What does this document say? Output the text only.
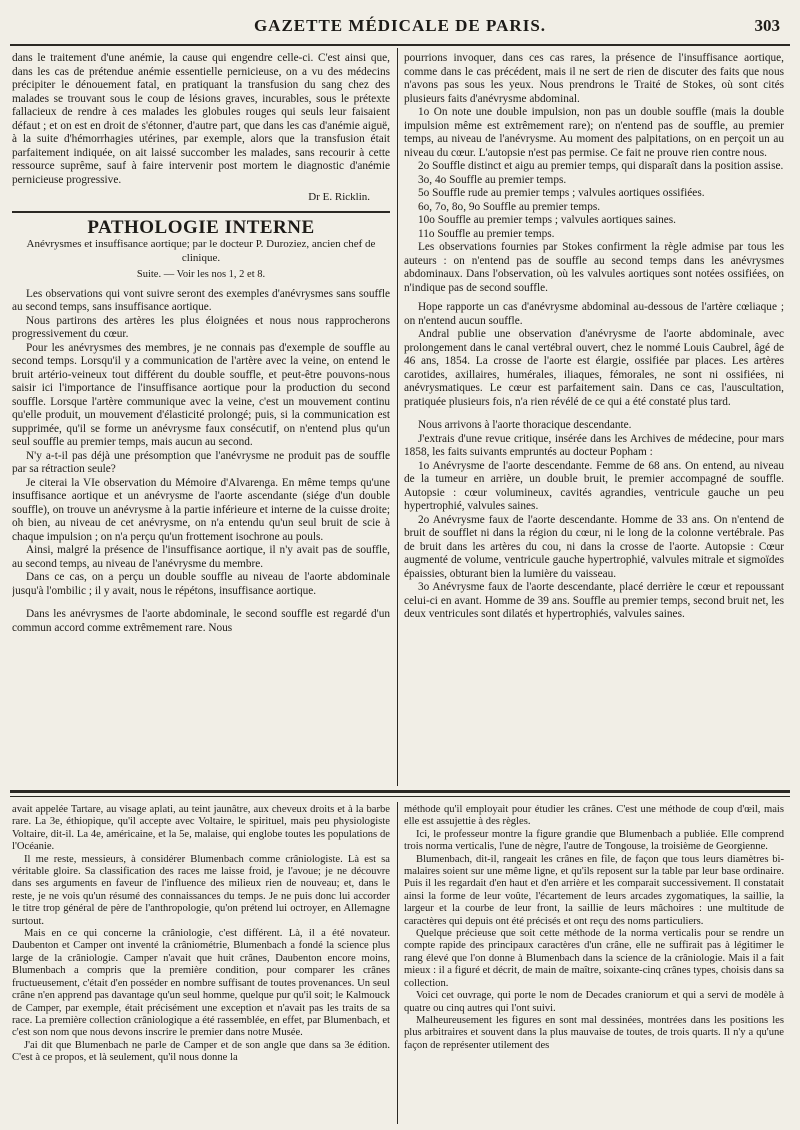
GAZETTE MÉDICALE DE PARIS.	303

dans le traitement d'une anémie, la cause qui engendre celle-ci. C'est ainsi que, dans les cas de prétendue anémie essentielle pernicieuse, on a vu des médecins précipiter le dénouement fatal, en pratiquant la transfusion du sang chez des malades se trouvant sous le coup de lésions graves, incurables, sous le prétexte fallacieux de rendre à ces malades les globules rouges qui seuls leur faisaient défaut ; et on est en droit de s'étonner, d'autre part, que dans les cas d'anémie aiguë, à la suite d'hémorrhagies utérines, par exemple, alors que la transfusion était parfaitement indiquée, on ait laissé succomber les malades, sans recourir à cette ressource suprême, sauf à faire intervenir post mortem le diagnostic d'anémie pernicieuse progressive.

Dr E. Ricklin.
PATHOLOGIE INTERNE
Anévrysmes et insuffisance aortique; par le docteur P. Duroziez, ancien chef de clinique.
Suite. — Voir les nos 1, 2 et 8.

Les observations qui vont suivre seront des exemples d'anévrysmes sans souffle au second temps, sans insuffisance aortique.

Nous partirons des artères les plus éloignées et nous nous rapprocherons progressivement du cœur.

Pour les anévrysmes des membres, je ne connais pas d'exemple de souffle au second temps. Lorsqu'il y a communication de l'artère avec la veine, on entend le bruit artério-veineux tout différent du double souffle, et peut-être pouvons-nous saisir ici l'importance de l'insuffisance aortique pour la production du second souffle. Lorsque l'artère communique avec la veine, c'est un mouvement continu qu'elle produit, un mouvement d'élasticité prolongé; puis, si la communication est supprimée, qu'il se forme un anévrysme faux consécutif, on n'entend plus qu'un seul souffle au premier temps, mais aucun au second.

N'y a-t-il pas déjà une présomption que l'anévrysme ne produit pas de souffle par sa rétraction seule?

Je citerai la VIe observation du Mémoire d'Alvarenga. En même temps qu'une insuffisance aortique et un anévrysme de l'aorte ascendante (siége d'un double souffle), on trouve un anévrysme à la partie inférieure et interne de la cuisse droite; oh bien, au niveau de cet anévrysme, on n'a entendu qu'un seul bruit de scie à chaque impulsion ; on n'a perçu qu'un frottement isochrone au pouls.

Ainsi, malgré la présence de l'insuffisance aortique, il n'y avait pas de souffle, au second temps, au niveau de l'anévrysme du membre.

Dans ce cas, on a perçu un double souffle au niveau de l'aorte abdominale jusqu'à l'ombilic ; il y avait, nous le répétons, insuffisance aortique.

Dans les anévrysmes de l'aorte abdominale, le second souffle est regardé d'un commun accord comme extrêmement rare. Nous

pourrions invoquer, dans ces cas rares, la présence de l'insuffisance aortique, comme dans le cas précédent, mais il ne sert de rien de discuter des faits que nous n'avons pas sous les yeux. Nous prendrons le Traité de Stokes, où sont cités plusieurs faits d'anévrysme abdominal.

1o On note une double impulsion, non pas un double souffle (mais la double impulsion même est extrêmement rare); on n'entend pas de souffle, au premier temps, au niveau de l'anévrysme. Au moment des palpitations, on en perçoit un au niveau du cœur. L'autopsie n'est pas permise. Ce fait ne prouve rien contre nous.

2o Souffle distinct et aigu au premier temps, qui disparaît dans la position assise.

3o, 4o Souffle au premier temps.

5o Souffle rude au premier temps ; valvules aortiques ossifiées.

6o, 7o, 8o, 9o Souffle au premier temps.

10o Souffle au premier temps ; valvules aortiques saines.

11o Souffle au premier temps.

Les observations fournies par Stokes confirment la règle admise par tous les auteurs : on n'entend pas de souffle au second temps dans les anévrysmes abdominaux. Dans l'observation, où les valvules aortiques sont notées ossifiées, on n'indique pas de second souffle.

Hope rapporte un cas d'anévrysme abdominal au-dessous de l'artère cœliaque ; on n'entend aucun souffle.

Andral publie une observation d'anévrysme de l'aorte abdominale, avec prolongement dans le canal vertébral ouvert, chez le nommé Louis Caubrel, âgé de 46 ans, 1854. La crosse de l'aorte est élargie, ossifiée par places. Les artères carotides, axillaires, humérales, iliaques, fémorales, ne sont ni ossifiées, ni anévrysmatiques. Le cœur est parfaitement sain. Dans ce cas, l'auscultation, pratiquée plusieurs fois, n'a rien révélé de ce qui a été constaté plus tard.

Nous arrivons à l'aorte thoracique descendante.

J'extrais d'une revue critique, insérée dans les Archives de médecine, pour mars 1858, les faits suivants empruntés au docteur Popham :

1o Anévrysme de l'aorte descendante. Femme de 68 ans. On entend, au niveau de la tumeur en arrière, un double bruit, le premier accompagné de souffle. Autopsie : cœur volumineux, cavités agrandies, ventricule gauche un peu hypertrophié, valvules saines.

2o Anévrysme faux de l'aorte descendante. Homme de 33 ans. On n'entend de bruit de soufflet ni dans la région du cœur, ni le long de la colonne vertébrale. Pas de bruit dans les artères du cou, ni dans la crosse de l'aorte. Autopsie : Cœur augmenté de volume, ventricule gauche hypertrophié, valvules mitrale et sigmoïdes épaissies, obturant bien la lumière du vaisseau.

3o Anévrysme faux de l'aorte descendante, placé derrière le cœur et repoussant celui-ci en avant. Homme de 39 ans. Souffle au premier temps, second bruit net, les deux ventricules sont dilatés et hypertrophiés, valvules saines.

avait appelée Tartare, au visage aplati, au teint jaunâtre, aux cheveux droits et à la barbe rare. La 3e, éthiopique, qu'il accepte avec Voltaire, le spirituel, mais peu physiologiste Voltaire, dit-il. La 4e, américaine, et la 5e, malaise, qui englobe toutes les populations de l'Océanie.

Il me reste, messieurs, à considérer Blumenbach comme crâniologiste. Là est sa véritable gloire. Sa classification des races me laisse froid, je l'avoue; je ne découvre dans ses arguments en faveur de l'influence des milieux rien de nouveau; et, dans le reste, je ne vois qu'un résumé des connaissances du temps. Je ne puis donc lui accorder le titre trop général de père de l'anthropologie, qu'on prétend lui octroyer, en Allemagne surtout.

Mais en ce qui concerne la crâniologie, c'est différent. Là, il a été novateur. Daubenton et Camper ont inventé la crâniométrie, Blumenbach a fondé la science plus large de la crâniologie. Camper n'avait que huit crânes, Daubenton encore moins, Blumenbach a compris que la première condition, pour comparer les crânes fructueusement, c'était d'en posséder en nombre suffisant de toutes provenances. Un seul crâne n'en apprend pas davantage qu'un seul homme, quelque pur qu'il soit; le Kalmouck de Camper, par exemple, était précisément une exception et n'avait pas les traits de sa race. La première collection crâniologique a été rassemblée, en effet, par Blumenbach, et c'est son nom que nous devons inscrire le premier dans notre Musée.

J'ai dit que Blumenbach ne parle de Camper et de son angle que dans sa 3e édition. C'est à ce propos, et là seulement, qu'il nous donne la

méthode qu'il employait pour étudier les crânes. C'est une méthode de coup d'œil, mais elle est assujettie à des règles.

Ici, le professeur montre la figure grandie que Blumenbach a publiée. Elle comprend trois norma verticalis, l'une de nègre, l'autre de Tongouse, la troisième de Georgienne.

Blumenbach, dit-il, rangeait les crânes en file, de façon que tous leurs diamètres bi-malaires soient sur une même ligne, et qu'ils reposent sur la table par leur base ordinaire. Puis il les regardait d'en haut et d'en arrière et les comparait successivement. Il constatait ainsi la forme de leur voûte, l'écartement de leurs arcades zygomatiques, la saillie, la largeur et la courbe de leur front, la saillie de leurs mâchoires : une multitude de caractères qui depuis ont été précisés et ont reçu des noms particuliers.

Quelque précieuse que soit cette méthode de la norma verticalis pour se rendre un compte rapide des principaux caractères d'un crâne, elle ne suffirait pas à légitimer le rang élevé que l'on donne à Blumenbach dans la science de la crâniologie. Mais il a fait mieux : il a figuré et décrit, de main de maître, soixante-cinq crânes types, choisis dans sa collection.

Voici cet ouvrage, qui porte le nom de Decades craniorum et qui a servi de modèle à quatre ou cinq autres qui l'ont suivi.

Malheureusement les figures en sont mal dessinées, montrées dans les positions les plus arbitraires et souvent dans la plus mauvaise de toutes, de trois quarts. Il n'y a qu'une façon de représenter utilement des
